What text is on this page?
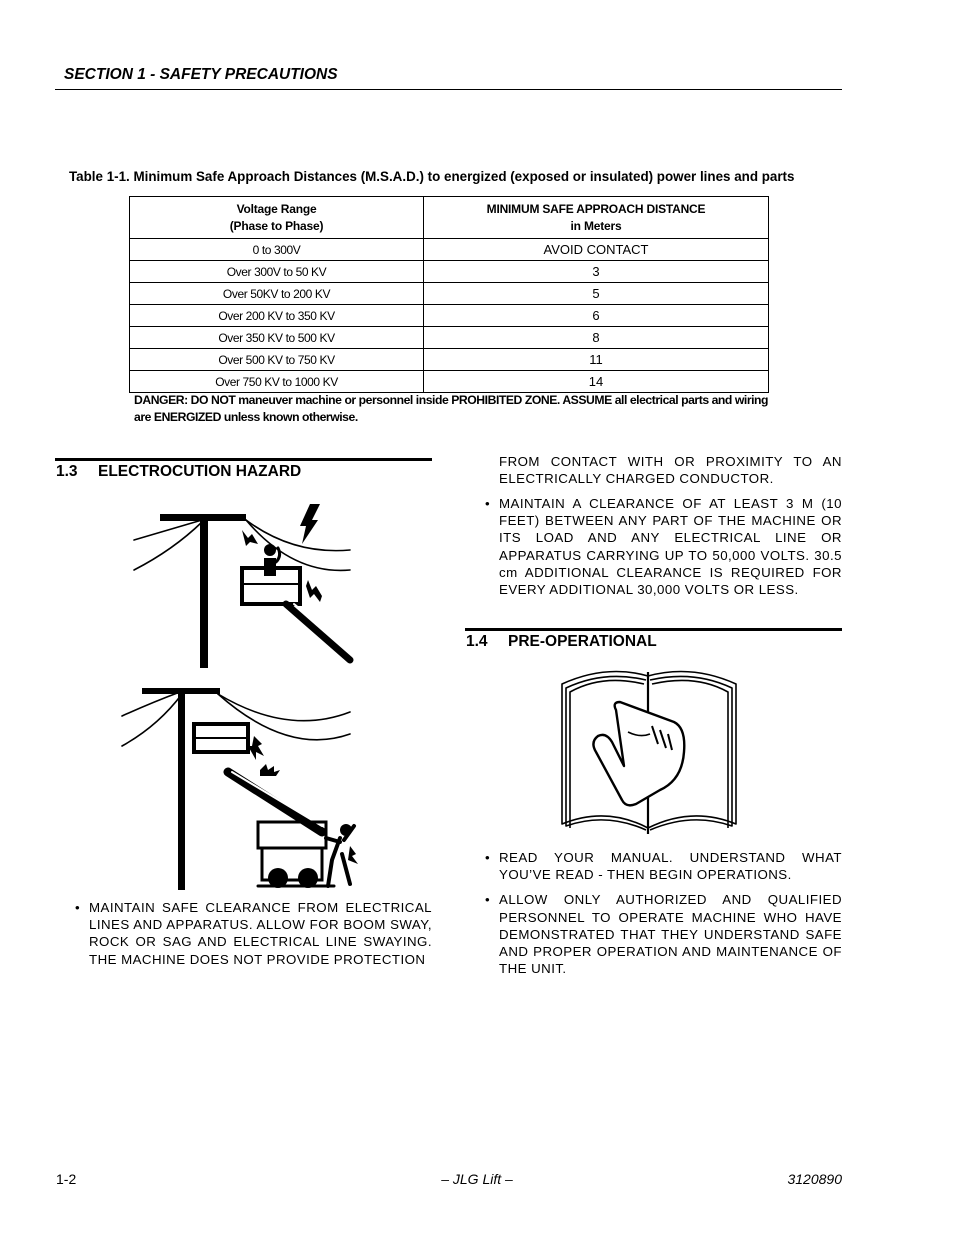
SECTION 1 - SAFETY PRECAUTIONS
Table 1-1. Minimum Safe Approach Distances (M.S.A.D.) to energized (exposed or insulated) power lines and parts
Voltage Range
(Phase to Phase)	MINIMUM SAFE APPROACH DISTANCE
in Meters
0 to 300V	AVOID CONTACT
Over 300V to 50 KV	3
Over 50KV to 200 KV	5
Over 200 KV to 350 KV	6
Over 350 KV to 500 KV	8
Over 500 KV to 750 KV	11
Over 750 KV to 1000 KV	14
DANGER: DO NOT maneuver machine or personnel inside PROHIBITED ZONE. ASSUME all electrical parts and wiring are ENERGIZED unless known otherwise.
1.3 ELECTROCUTION HAZARD
• MAINTAIN SAFE CLEARANCE FROM ELECTRICAL LINES AND APPARATUS. ALLOW FOR BOOM SWAY, ROCK OR SAG AND ELECTRICAL LINE SWAYING. THE MACHINE DOES NOT PROVIDE PROTECTION
FROM CONTACT WITH OR PROXIMITY TO AN ELECTRICALLY CHARGED CONDUCTOR.
• MAINTAIN A CLEARANCE OF AT LEAST 3 M (10 FEET) BETWEEN ANY PART OF THE MACHINE OR ITS LOAD AND ANY ELECTRICAL LINE OR APPARATUS CARRYING UP TO 50,000 VOLTS. 30.5 cm ADDITIONAL CLEARANCE IS REQUIRED FOR EVERY ADDITIONAL 30,000 VOLTS OR LESS.
1.4 PRE-OPERATIONAL
• READ YOUR MANUAL. UNDERSTAND WHAT YOU’VE READ - THEN BEGIN OPERATIONS.
• ALLOW ONLY AUTHORIZED AND QUALIFIED PERSONNEL TO OPERATE MACHINE WHO HAVE DEMONSTRATED THAT THEY UNDERSTAND SAFE AND PROPER OPERATION AND MAINTENANCE OF THE UNIT.
1-2	– JLG Lift –	3120890
